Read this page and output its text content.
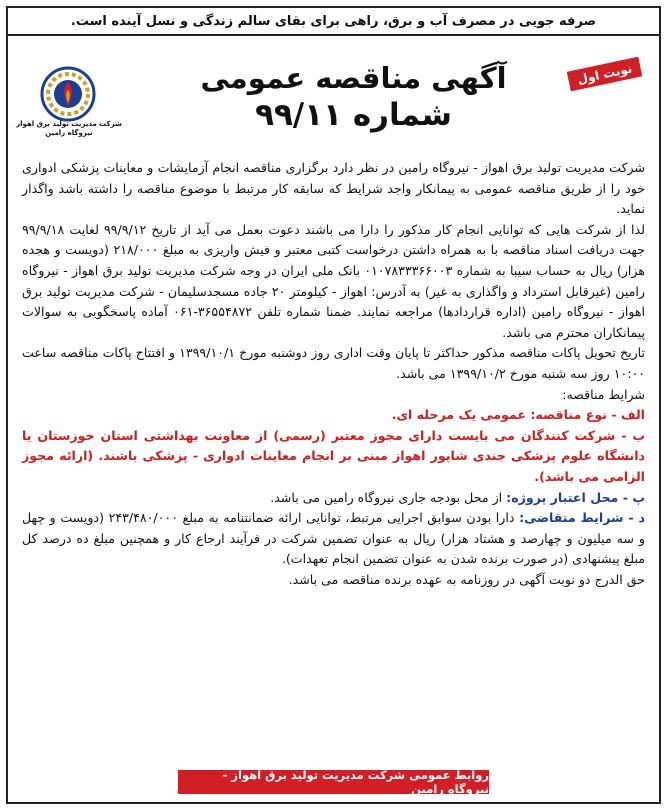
صرفه جویی در مصرف آب و برق، راهی برای بقای سالم زندگی و نسل آینده است.
شرکت مدیریت تولید برق اهواز
نیروگاه رامین
نوبت اول
آگهی مناقصه عمومی
شماره ۹۹/۱۱

شرکت مدیریت تولید برق اهواز - نیروگاه رامین در نظر دارد برگزاری مناقصه انجام آزمایشات و معاینات پزشکی ادواری خود را از طریق مناقصه عمومی به پیمانکار واجد شرایط که سابقه کار مرتبط با موضوع مناقصه را داشته باشد واگذار نماید.

لذا از شرکت هایی که توانایی انجام کار مذکور را دارا می باشند دعوت بعمل می آید از تاریخ ۹۹/۹/۱۲ لغایت ۹۹/۹/۱۸ جهت دریافت اسناد مناقصه با به همراه داشتن درخواست کتبی معتبر و فیش واریزی به مبلغ ۲۱۸/۰۰۰ (دویست و هجده هزار) ریال به حساب سیبا به شماره ۰۱۰۷۸۳۳۳۶۶۰۰۳ بانک ملی ایران در وجه شرکت مدیریت تولید برق اهواز - نیروگاه رامین (غیرقابل استرداد و واگذاری به غیر) به آدرس: اهواز - کیلومتر ۲۰ جاده مسجدسلیمان - شرکت مدیریت تولید برق اهواز - نیروگاه رامین (اداره قراردادها) مراجعه نمایند. ضمنا شماره تلفن ۳۶۵۵۴۸۷۲-۰۶۱ آماده پاسخگویی به سوالات پیمانکاران محترم می باشد.

تاریخ تحویل پاکات مناقصه مذکور حداکثر تا پایان وقت اداری روز دوشنبه مورخ ۱۳۹۹/۱۰/۱ و افتتاح پاکات مناقصه ساعت ۱۰:۰۰ روز سه شنبه مورخ ۱۳۹۹/۱۰/۲ می باشد.

شرایط مناقصه:

الف - نوع مناقصه: عمومی یک مرحله ای.

ب - شرکت کنندگان می بایست دارای مجوز معتبر (رسمی) از معاونت بهداشتی استان خوزستان یا دانشگاه علوم پزشکی جندی شاپور اهواز مبنی بر انجام معاینات ادواری - پزشکی باشند. (ارائه مجوز الزامی می باشد).

پ - محل اعتبار پروژه: از محل بودجه جاری نیروگاه رامین می باشد.

د - شرایط متقاضی: دارا بودن سوابق اجرایی مرتبط، توانایی ارائه ضمانتنامه به مبلغ ۲۴۳/۴۸۰/۰۰۰ (دویست و چهل و سه میلیون و چهارصد و هشتاد هزار) ریال به عنوان تضمین شرکت در فرآیند ارجاع کار و همچنین مبلغ ده درصد کل مبلغ پیشنهادی (در صورت برنده شدن به عنوان تضمین انجام تعهدات).

حق الدرج دو نوبت آگهی در روزنامه به عهده برنده مناقصه می باشد.

روابط عمومی شرکت مدیریت تولید برق اهواز - نیروگاه رامین
